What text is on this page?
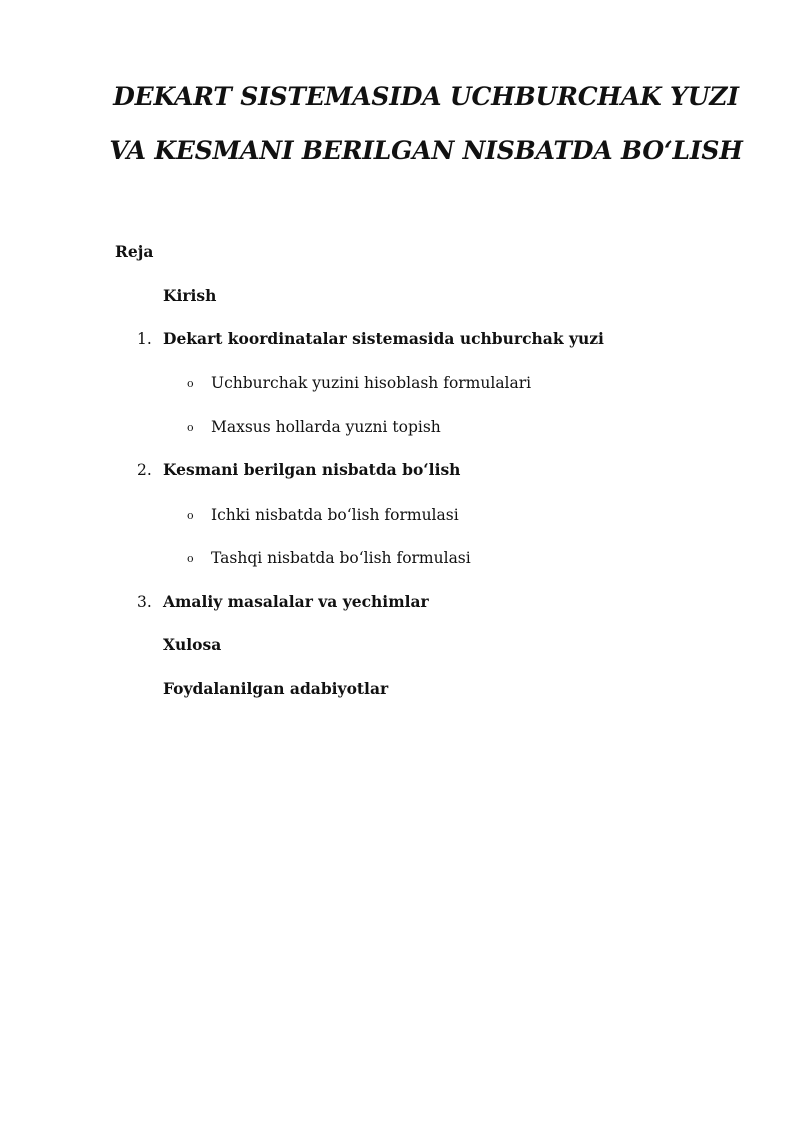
DEKART SISTEMASIDA UCHBURCHAK YUZI
VA KESMANI BERILGAN NISBATDA BO‘LISH
Reja
Kirish
1. Dekart koordinatalar sistemasida uchburchak yuzi
o Uchburchak yuzini hisoblash formulalari
o Maxsus hollarda yuzni topish
2. Kesmani berilgan nisbatda bo‘lish
o Ichki nisbatda bo‘lish formulasi
o Tashqi nisbatda bo‘lish formulasi
3. Amaliy masalalar va yechimlar
Xulosa
Foydalanilgan adabiyotlar
